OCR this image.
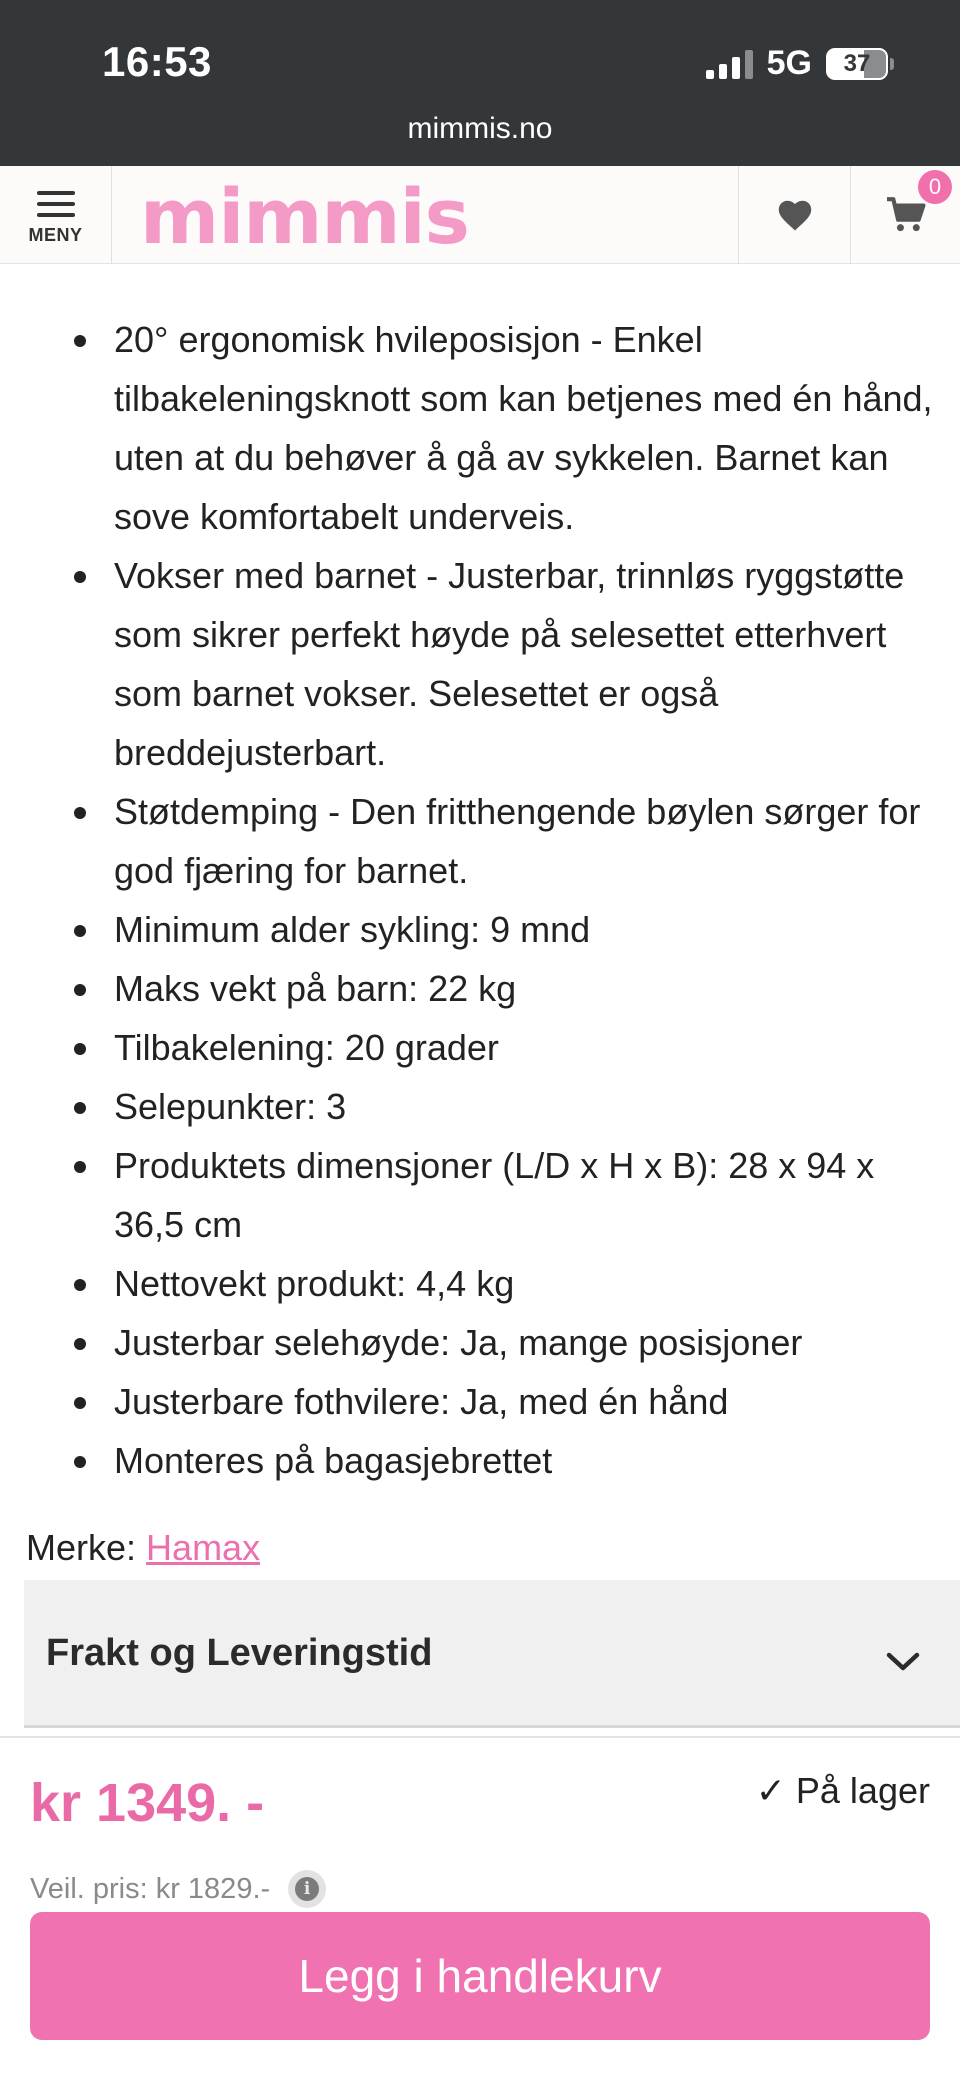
16:53	5G 37
mimmis.no
MENY mimmis	0
20° ergonomisk hvileposisjon - Enkel tilbakeleningsknott som kan betjenes med én hånd, uten at du behøver å gå av sykkelen. Barnet kan sove komfortabelt underveis.
Vokser med barnet - Justerbar, trinnløs ryggstøtte som sikrer perfekt høyde på selesettet etterhvert som barnet vokser. Selesettet er også breddejusterbart.
Støtdemping - Den fritthengende bøylen sørger for god fjæring for barnet.
Minimum alder sykling: 9 mnd
Maks vekt på barn: 22 kg
Tilbakelening: 20 grader
Selepunkter: 3
Produktets dimensjoner (L/D x H x B): 28 x 94 x 36,5 cm
Nettovekt produkt: 4,4 kg
Justerbar selehøyde: Ja, mange posisjoner
Justerbare fothvilere: Ja, med én hånd
Monteres på bagasjebrettet
Merke: Hamax
Frakt og Leveringstid
kr 1349. -	✓ På lager
Veil. pris: kr 1829.-	i
Legg i handlekurv
